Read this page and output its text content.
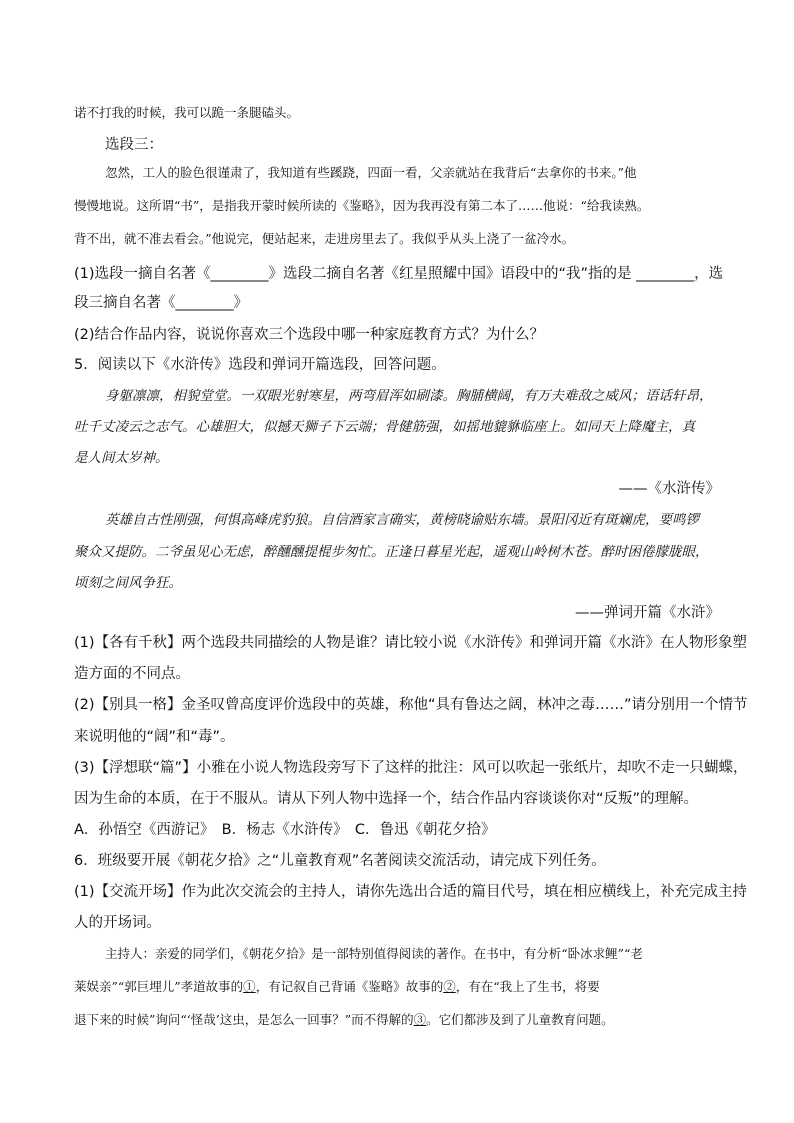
诺不打我的时候，我可以跪一条腿磕头。
选段三：
忽然，工人的脸色很谨肃了，我知道有些蹊跷，四面一看，父亲就站在我背后“去拿你的书来。”他
慢慢地说。这所谓“书”，是指我开蒙时候所读的《鉴略》，因为我再没有第二本了……他说：“给我读熟。
背不出，就不准去看会。”他说完，便站起来，走进房里去了。我似乎从头上浇了一盆冷水。
(1)选段一摘自名著《________》选段二摘自名著《红星照耀中国》语段中的“我”指的是 ________，选
段三摘自名著《________》
(2)结合作品内容，说说你喜欢三个选段中哪一种家庭教育方式？为什么？
5．阅读以下《水浒传》选段和弹词开篇选段，回答问题。
身躯凛凛，相貌堂堂。一双眼光射寒星，两弯眉浑如刷漆。胸脯横阔，有万夫难敌之威风；语话轩昂，
吐千丈凌云之志气。心雄胆大，似撼天狮子下云端；骨健筋强，如摇地貔貅临座上。如同天上降魔主，真
是人间太岁神。
——《水浒传》
英雄自古性刚强，何惧高峰虎豹狼。自信酒家言确实，黄榜晓谕贴东墙。景阳冈近有斑斓虎，要鸣锣
聚众又提防。二爷虽见心无虑，醉醺醺提棍步匆忙。正逢日暮星光起，遥观山岭树木苍。醉时困倦朦胧眼，
顷刻之间风争狂。
——弹词开篇《水浒》
(1)【各有千秋】两个选段共同描绘的人物是谁？请比较小说《水浒传》和弹词开篇《水浒》在人物形象塑
造方面的不同点。
(2)【别具一格】金圣叹曾高度评价选段中的英雄，称他“具有鲁达之阔，林冲之毒……”请分别用一个情节
来说明他的“阔”和“毒”。
(3)【浮想联“篇”】小雅在小说人物选段旁写下了这样的批注：风可以吹起一张纸片，却吹不走一只蝴蝶，
因为生命的本质，在于不服从。请从下列人物中选择一个，结合作品内容谈谈你对“反叛”的理解。
A．孙悟空《西游记》　B．杨志《水浒传》　C．鲁迅《朝花夕拾》
6．班级要开展《朝花夕拾》之“儿童教育观”名著阅读交流活动，请完成下列任务。
(1)【交流开场】作为此次交流会的主持人，请你先选出合适的篇目代号，填在相应横线上，补充完成主持
人的开场词。
主持人：亲爱的同学们，《朝花夕拾》是一部特别值得阅读的著作。在书中，有分析“卧冰求鲤”“老
莱娱亲”“郭巨埋儿”孝道故事的①，有记叙自己背诵《鉴略》故事的②，有在“我上了生书，将要
退下来的时候”询问“‘怪哉’这虫，是怎么一回事？”而不得解的③。它们都涉及到了儿童教育问题。
